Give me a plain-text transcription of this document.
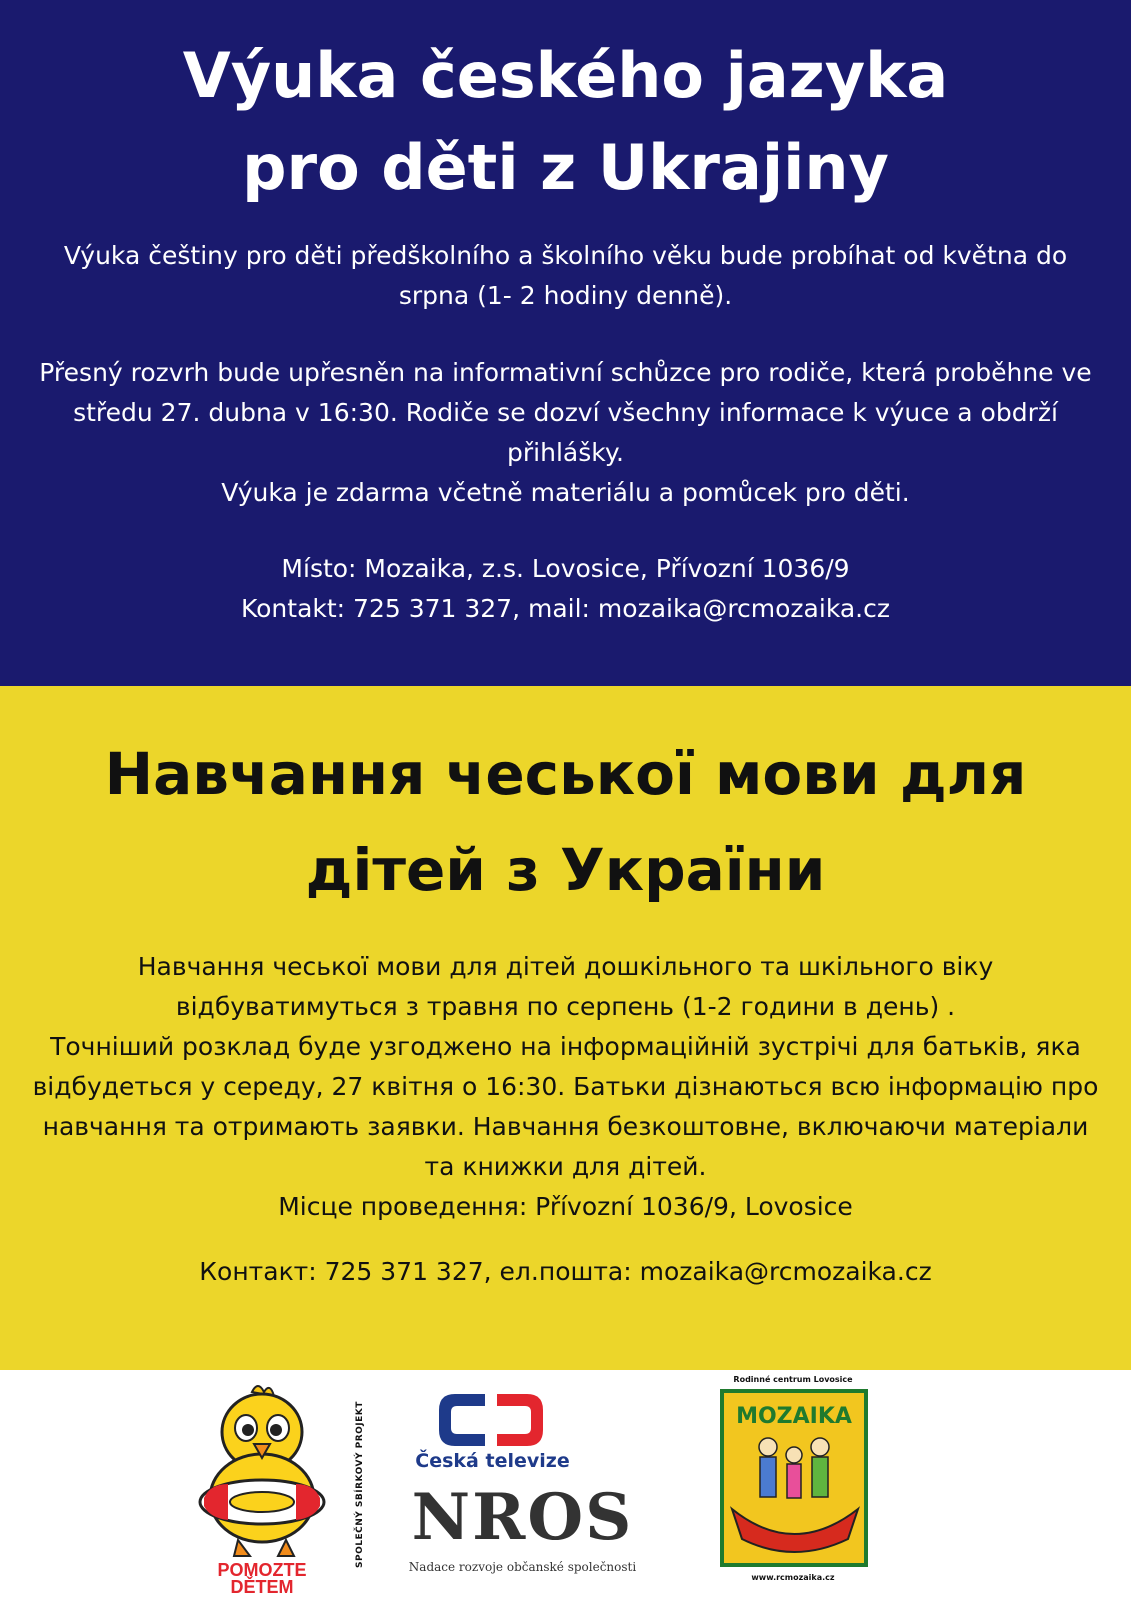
Výuka českého jazyka
pro děti z Ukrajiny
Výuka češtiny pro děti předškolního a školního věku bude probíhat od května do
srpna (1- 2 hodiny denně).
Přesný rozvrh bude upřesněn na informativní schůzce pro rodiče, která proběhne ve
středu 27. dubna v 16:30. Rodiče se dozví všechny informace k výuce a obdrží
přihlášky.
Výuka je zdarma včetně materiálu a pomůcek pro děti.
Místo: Mozaika, z.s. Lovosice, Přívozní 1036/9
Kontakt: 725 371 327, mail: mozaika@rcmozaika.cz
Навчання чеської мови для
дітей з України
Навчання чеської мови для дітей дошкільного та шкільного віку
відбуватимуться з травня по серпень (1-2 години в день) .
Точніший розклад буде узгоджено на інформаційній зустрічі для батьків, яка
відбудеться у середу, 27 квітня о 16:30. Батьки дізнаються всю інформацію про
навчання та отримають заявки. Навчання безкоштовне, включаючи матеріали
та книжки для дітей.
Місце проведення: Přívozní 1036/9, Lovosice
Контакт: 725 371 327, ел.пошта: mozaika@rcmozaika.cz
POMOZTE
DĚTEM
SPOLEČNÝ SBÍRKOVÝ PROJEKT	Česká televize
NROS
Nadace rozvoje občanské společnosti
Rodinné centrum Lovosice
MOZAIKA
www.rcmozaika.cz
